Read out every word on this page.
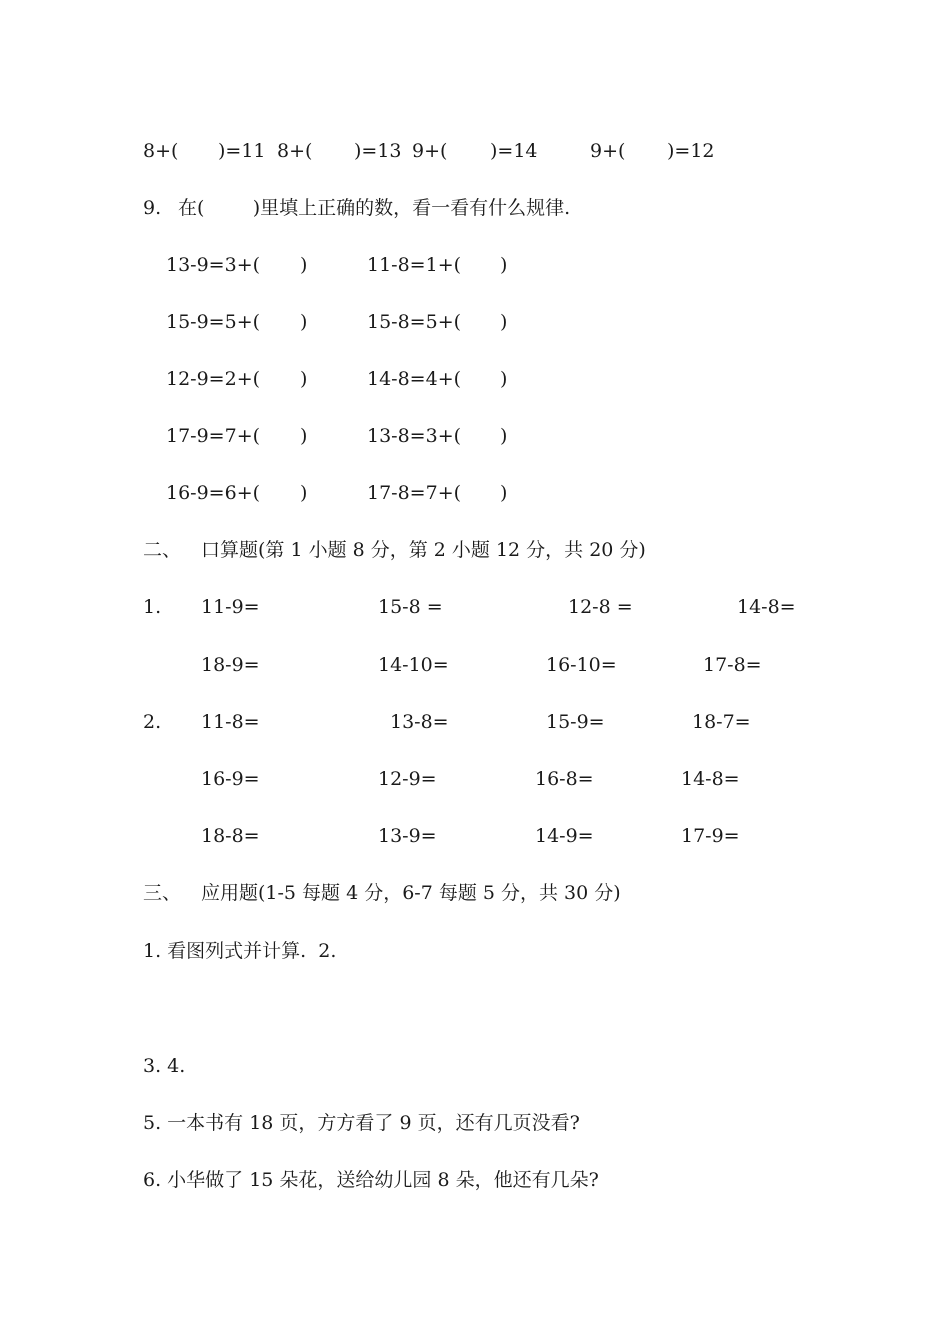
8+( )=11 8+( )=13 9+( )=14	9+( )=12
9. 在(        )里填上正确的数，看一看有什么规律.
13-9=3+( )	11-8=1+( )
15-9=5+( )	15-8=5+( )
12-9=2+( )	14-8=4+( )
17-9=7+( )	13-8=3+( )
16-9=6+( )	17-8=7+( )
二、 口算题(第 1 小题 8 分，第 2 小题 12 分，共 20 分)
1. 11-9=	15-8 =	12-8 =	14-8=
18-9=	14-10=	16-10=	17-8=
2. 11-8=	13-8=	15-9=	18-7=
16-9=	12-9=	16-8=	14-8=
18-8=	13-9=	14-9=	17-9=
三、 应用题(1-5 每题 4 分，6-7 每题 5 分，共 30 分)
1. 看图列式并计算.  2.
3. 4.
5. 一本书有 18 页，方方看了 9 页，还有几页没看?
6. 小华做了 15 朵花，送给幼儿园 8 朵，他还有几朵?
